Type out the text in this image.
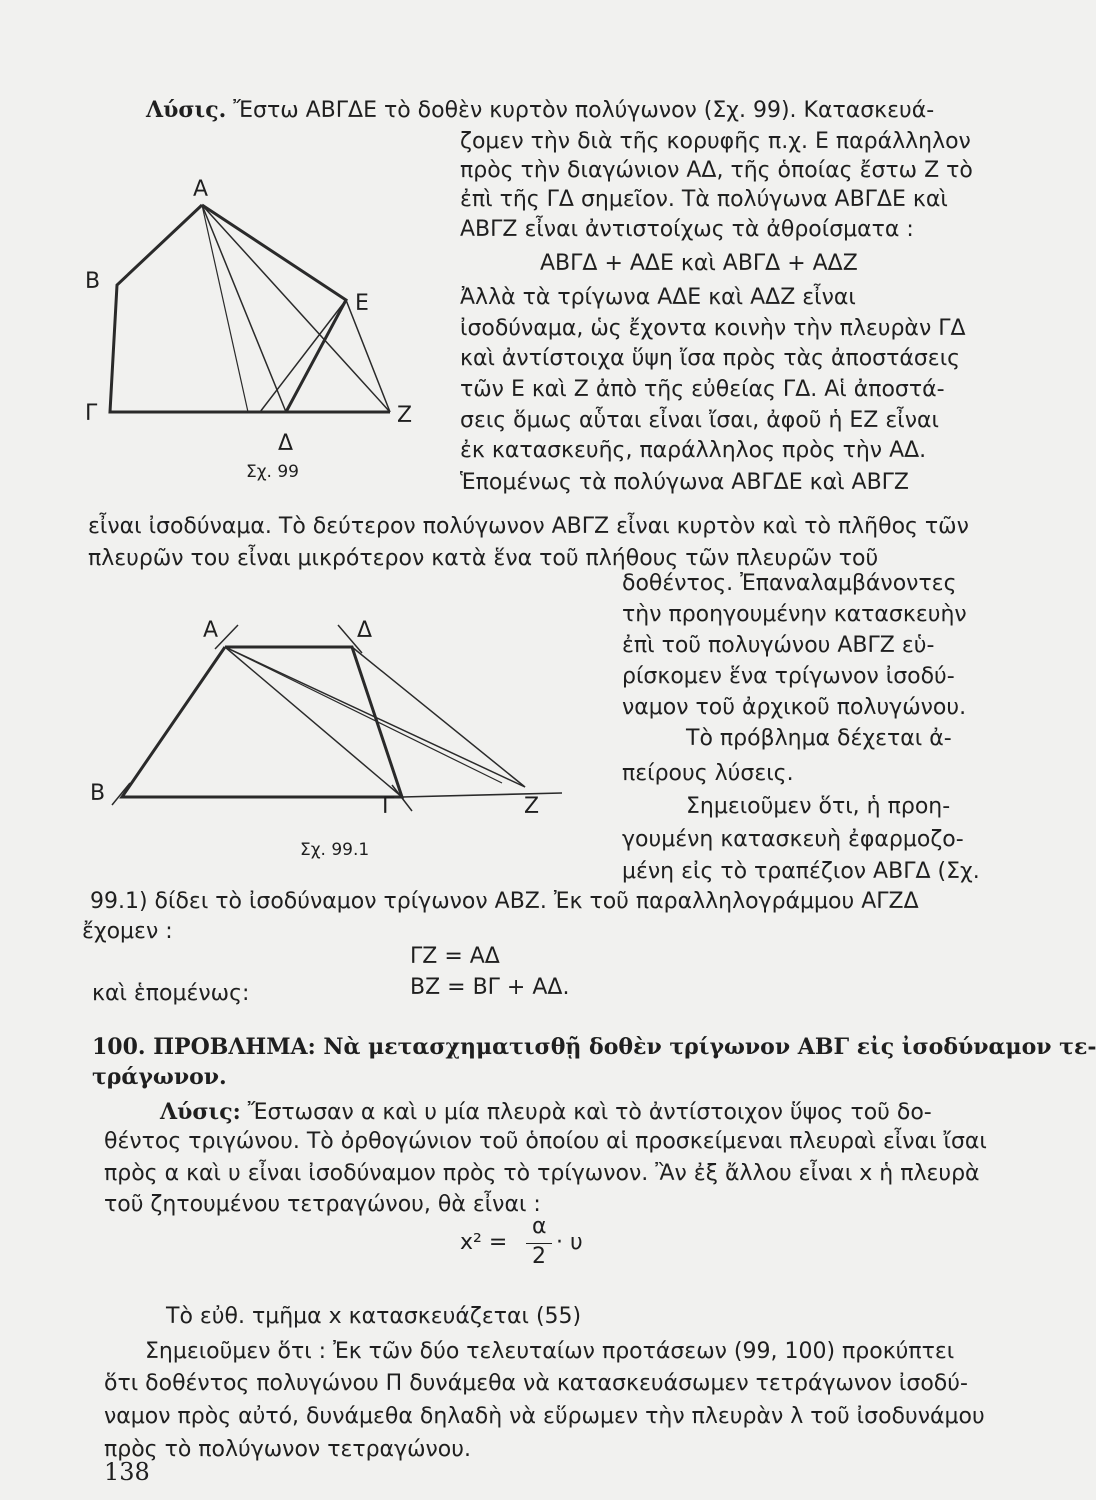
Λύσις. Ἔστω ΑΒΓΔΕ τὸ δοθὲν κυρτὸν πολύγωνον (Σχ. 99). Κατασκευά-
ζομεν τὴν διὰ τῆς κορυφῆς π.χ. Ε παράλληλον
πρὸς τὴν διαγώνιον ΑΔ, τῆς ὁποίας ἔστω Ζ τὸ
ἐπὶ τῆς ΓΔ σημεῖον. Τὰ πολύγωνα ΑΒΓΔΕ καὶ
ΑΒΓΖ εἶναι ἀντιστοίχως τὰ ἀθροίσματα :
ΑΒΓΔ + ΑΔΕ καὶ ΑΒΓΔ + ΑΔΖ
Ἀλλὰ τὰ τρίγωνα ΑΔΕ καὶ ΑΔΖ εἶναι
ἰσοδύναμα, ὡς ἔχοντα κοινὴν τὴν πλευρὰν ΓΔ
καὶ ἀντίστοιχα ὕψη ἴσα πρὸς τὰς ἀποστάσεις
τῶν Ε καὶ Ζ ἀπὸ τῆς εὐθείας ΓΔ. Αἱ ἀποστά-
σεις ὅμως αὗται εἶναι ἴσαι, ἀφοῦ ἡ ΕΖ εἶναι
ἐκ κατασκευῆς, παράλληλος πρὸς τὴν ΑΔ.
Ἑπομένως τὰ πολύγωνα ΑΒΓΔΕ καὶ ΑΒΓΖ
Α
Β
Ε
Γ
Δ
Ζ
Σχ. 99
εἶναι ἰσοδύναμα. Τὸ δεύτερον πολύγωνον ΑΒΓΖ εἶναι κυρτὸν καὶ τὸ πλῆθος τῶν
πλευρῶν του εἶναι μικρότερον κατὰ ἕνα τοῦ πλήθους τῶν πλευρῶν τοῦ
δοθέντος. Ἐπαναλαμβάνοντες
τὴν προηγουμένην κατασκευὴν
ἐπὶ τοῦ πολυγώνου ΑΒΓΖ εὑ-
ρίσκομεν ἕνα τρίγωνον ἰσοδύ-
ναμον τοῦ ἀρχικοῦ πολυγώνου.
Τὸ πρόβλημα δέχεται ἀ-
πείρους λύσεις.
Σημειοῦμεν ὅτι, ἡ προη-
γουμένη κατασκευὴ ἐφαρμοζο-
μένη εἰς τὸ τραπέζιον ΑΒΓΔ (Σχ.
Α	Δ
Β
Γ	Ζ
Σχ. 99.1
99.1) δίδει τὸ ἰσοδύναμον τρίγωνον ΑΒΖ. Ἐκ τοῦ παραλληλογράμμου ΑΓΖΔ
ἔχομεν :
ΓΖ = ΑΔ
καὶ ἑπομένως:	ΒΖ = ΒΓ + ΑΔ.
100. ΠΡΟΒΛΗΜΑ: Νὰ μετασχηματισθῇ δοθὲν τρίγωνον ΑΒΓ εἰς ἰσοδύναμον τε-
τράγωνον.
Λύσις: Ἔστωσαν α καὶ υ μία πλευρὰ καὶ τὸ ἀντίστοιχον ὕψος τοῦ δο-
θέντος τριγώνου. Τὸ ὀρθογώνιον τοῦ ὁποίου αἱ προσκείμεναι πλευραὶ εἶναι ἴσαι
πρὸς α καὶ υ εἶναι ἰσοδύναμον πρὸς τὸ τρίγωνον. Ἂν ἐξ ἄλλου εἶναι x ἡ πλευρὰ
τοῦ ζητουμένου τετραγώνου, θὰ εἶναι :
x² =
α
2
· υ
Τὸ εὐθ. τμῆμα x κατασκευάζεται (55)
Σημειοῦμεν ὅτι : Ἐκ τῶν δύο τελευταίων προτάσεων (99, 100) προκύπτει
ὅτι δοθέντος πολυγώνου Π δυνάμεθα νὰ κατασκευάσωμεν τετράγωνον ἰσοδύ-
ναμον πρὸς αὐτό, δυνάμεθα δηλαδὴ νὰ εὕρωμεν τὴν πλευρὰν λ τοῦ ἰσοδυνάμου
πρὸς τὸ πολύγωνον τετραγώνου.
138
